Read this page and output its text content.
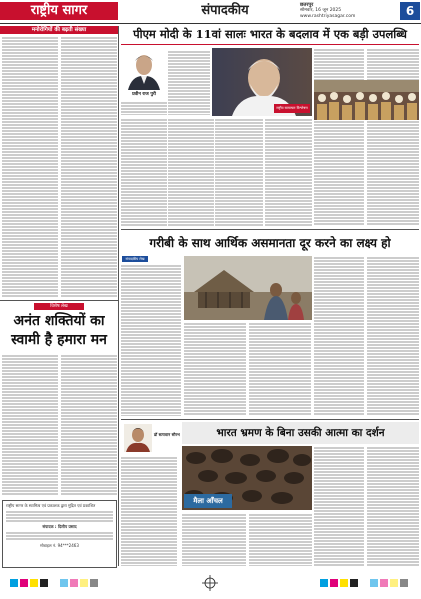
राष्ट्रीय सागर	संपादकीय	छतरपुर
सोमवार, 16 जून 2025
www.rashtriyasagar.com	6
मनोरोगियों की बढ़ती संख्या
विशेष लेख
अनंत शक्तियों का
स्वामी है हमारा मन
राष्ट्रीय सागर के स्वामित्व एवं प्रकाशक द्वारा मुद्रित एवं प्रकाशित
संपादक : दिलीप प्रसाद
मोबाइल नं. 94***2463
पीएम मोदी के 11वां सालः भारत के बदलाव में एक बड़ी उपलब्धि
प्रवीन राज पुरी
राष्ट्रीय सामाचार विश्लेषण
गरीबी के साथ आर्थिक असमानता दूर करने का लक्ष्य हो
संपादकीय लेख
डॉ सत्यवान सौरभ	भारत भ्रमण के बिना उसकी आत्मा का दर्शन
मैला आँचल
